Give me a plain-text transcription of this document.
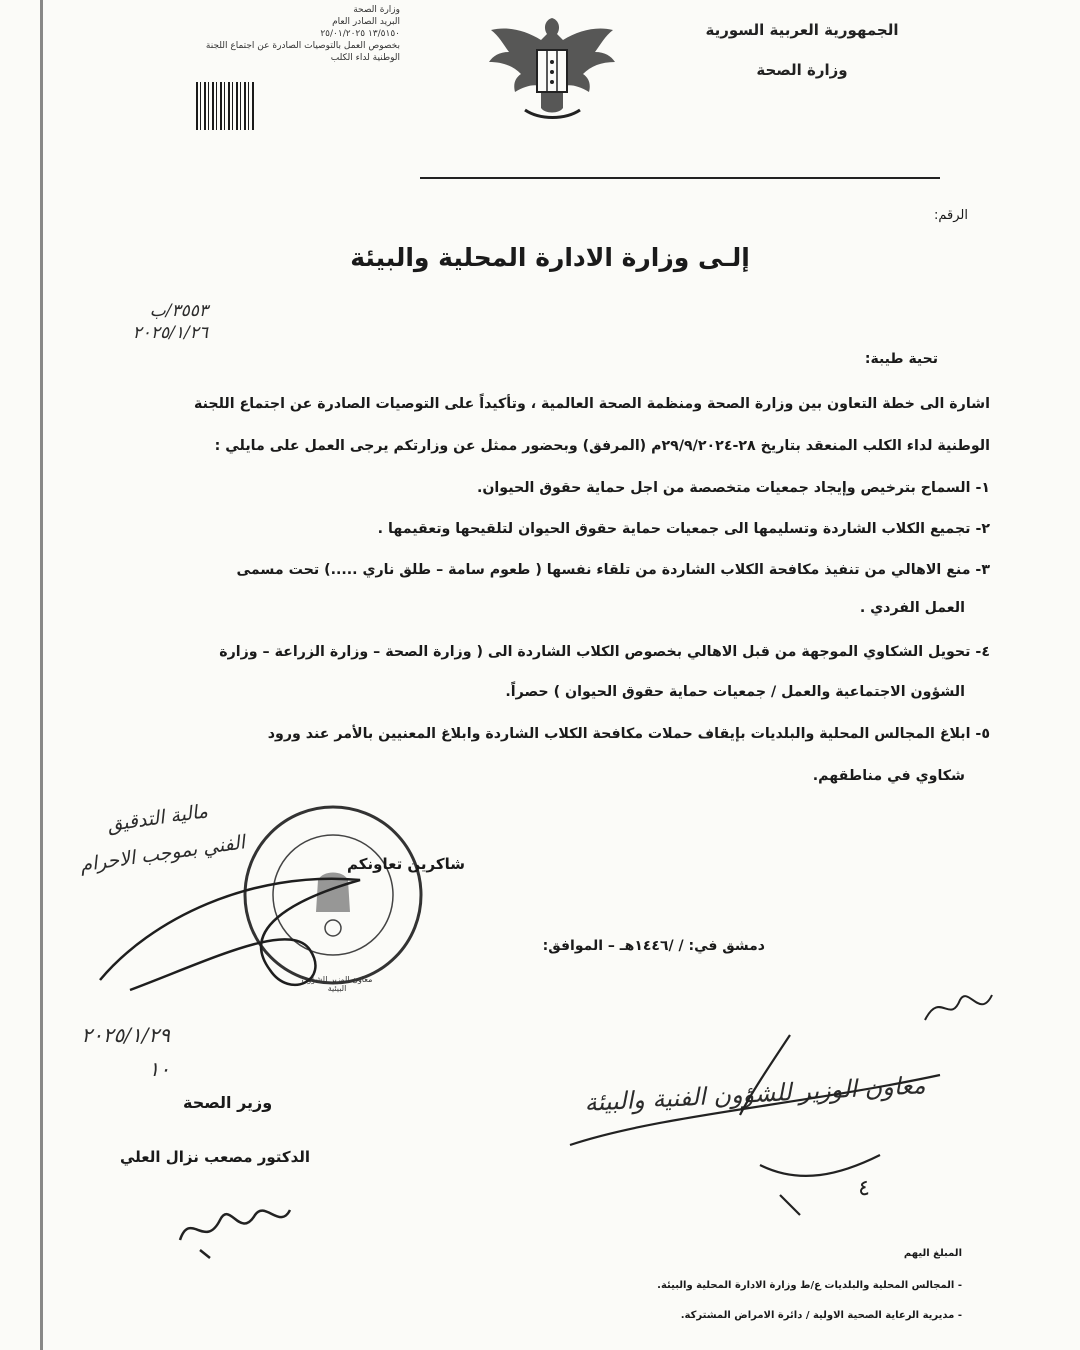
الجمهورية العربية السورية
وزارة الصحة
وزارة الصحة
البريد الصادر العام
١٣/٥١٥٠ ٢٥/٠١/٢٠٢٥
بخصوص العمل بالتوصيات الصادرة عن اجتماع اللجنة
الوطنية لداء الكلب
الرقم:
إلـى وزارة الادارة المحلية والبيئة
٣٥٥٣/ب
٢٠٢٥/١/٢٦
تحية طيبة:
اشارة الى خطة التعاون بين وزارة الصحة ومنظمة الصحة العالمية ، وتأكيداً على التوصيات الصادرة عن اجتماع اللجنة
الوطنية لداء الكلب المنعقد بتاريخ ٢٨-٢٩/٩/٢٠٢٤م (المرفق) وبحضور ممثل عن وزارتكم يرجى العمل على مايلي :
١- السماح بترخيص وإيجاد جمعيات متخصصة من اجل حماية حقوق الحيوان.
٢- تجميع الكلاب الشاردة وتسليمها الى جمعيات حماية حقوق الحيوان لتلقيحها وتعقيمها .
٣- منع الاهالي من تنفيذ مكافحة الكلاب الشاردة من تلقاء نفسها ( طعوم سامة – طلق ناري .....) تحت مسمى
العمل الفردي .
٤- تحويل الشكاوي الموجهة من قبل الاهالي بخصوص الكلاب الشاردة الى ( وزارة الصحة – وزارة الزراعة – وزارة
الشؤون الاجتماعية والعمل / جمعيات حماية حقوق الحيوان ) حصراً.
٥- ابلاغ المجالس المحلية والبلديات بإيقاف حملات مكافحة الكلاب الشاردة وابلاغ المعنيين بالأمر عند ورود
شكاوي في مناطقهم.
مالية التدقيق
الفني بموجب الاحرام
معاون الوزير للشؤون البيئية
شاكرين تعاونكم
دمشق في: / /١٤٤٦هـ – الموافق:
٢٠٢٥/١/٢٩
١٠
وزير الصحة
الدكتور مصعب نزال العلي
معاون الوزير للشؤون الفنية والبيئة
٤
المبلغ اليهم
- المجالس المحلية والبلديات ع/ط وزارة الادارة المحلية والبيئة.
- مديرية الرعاية الصحية الاولية / دائرة الامراض المشتركة.
